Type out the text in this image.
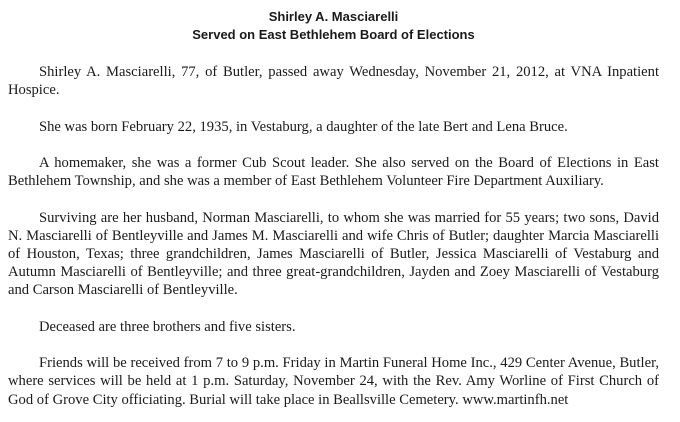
Shirley A. Masciarelli
Served on East Bethlehem Board of Elections

Shirley A. Masciarelli, 77, of Butler, passed away Wednesday, November 21, 2012, at VNA Inpatient Hospice.

She was born February 22, 1935, in Vestaburg, a daughter of the late Bert and Lena Bruce.

A homemaker, she was a former Cub Scout leader. She also served on the Board of Elections in East Bethlehem Township, and she was a member of East Bethlehem Volunteer Fire Department Auxiliary.

Surviving are her husband, Norman Masciarelli, to whom she was married for 55 years; two sons, David N. Masciarelli of Bentleyville and James M. Masciarelli and wife Chris of Butler; daughter Marcia Masciarelli of Houston, Texas; three grandchildren, James Masciarelli of Butler, Jessica Masciarelli of Vestaburg and Autumn Masciarelli of Bentleyville; and three great-grandchildren, Jayden and Zoey Masciarelli of Vestaburg and Carson Masciarelli of Bentleyville.

Deceased are three brothers and five sisters.

Friends will be received from 7 to 9 p.m. Friday in Martin Funeral Home Inc., 429 Center Avenue, Butler, where services will be held at 1 p.m. Saturday, November 24, with the Rev. Amy Worline of First Church of God of Grove City officiating. Burial will take place in Beallsville Cemetery. www.martinfh.net
